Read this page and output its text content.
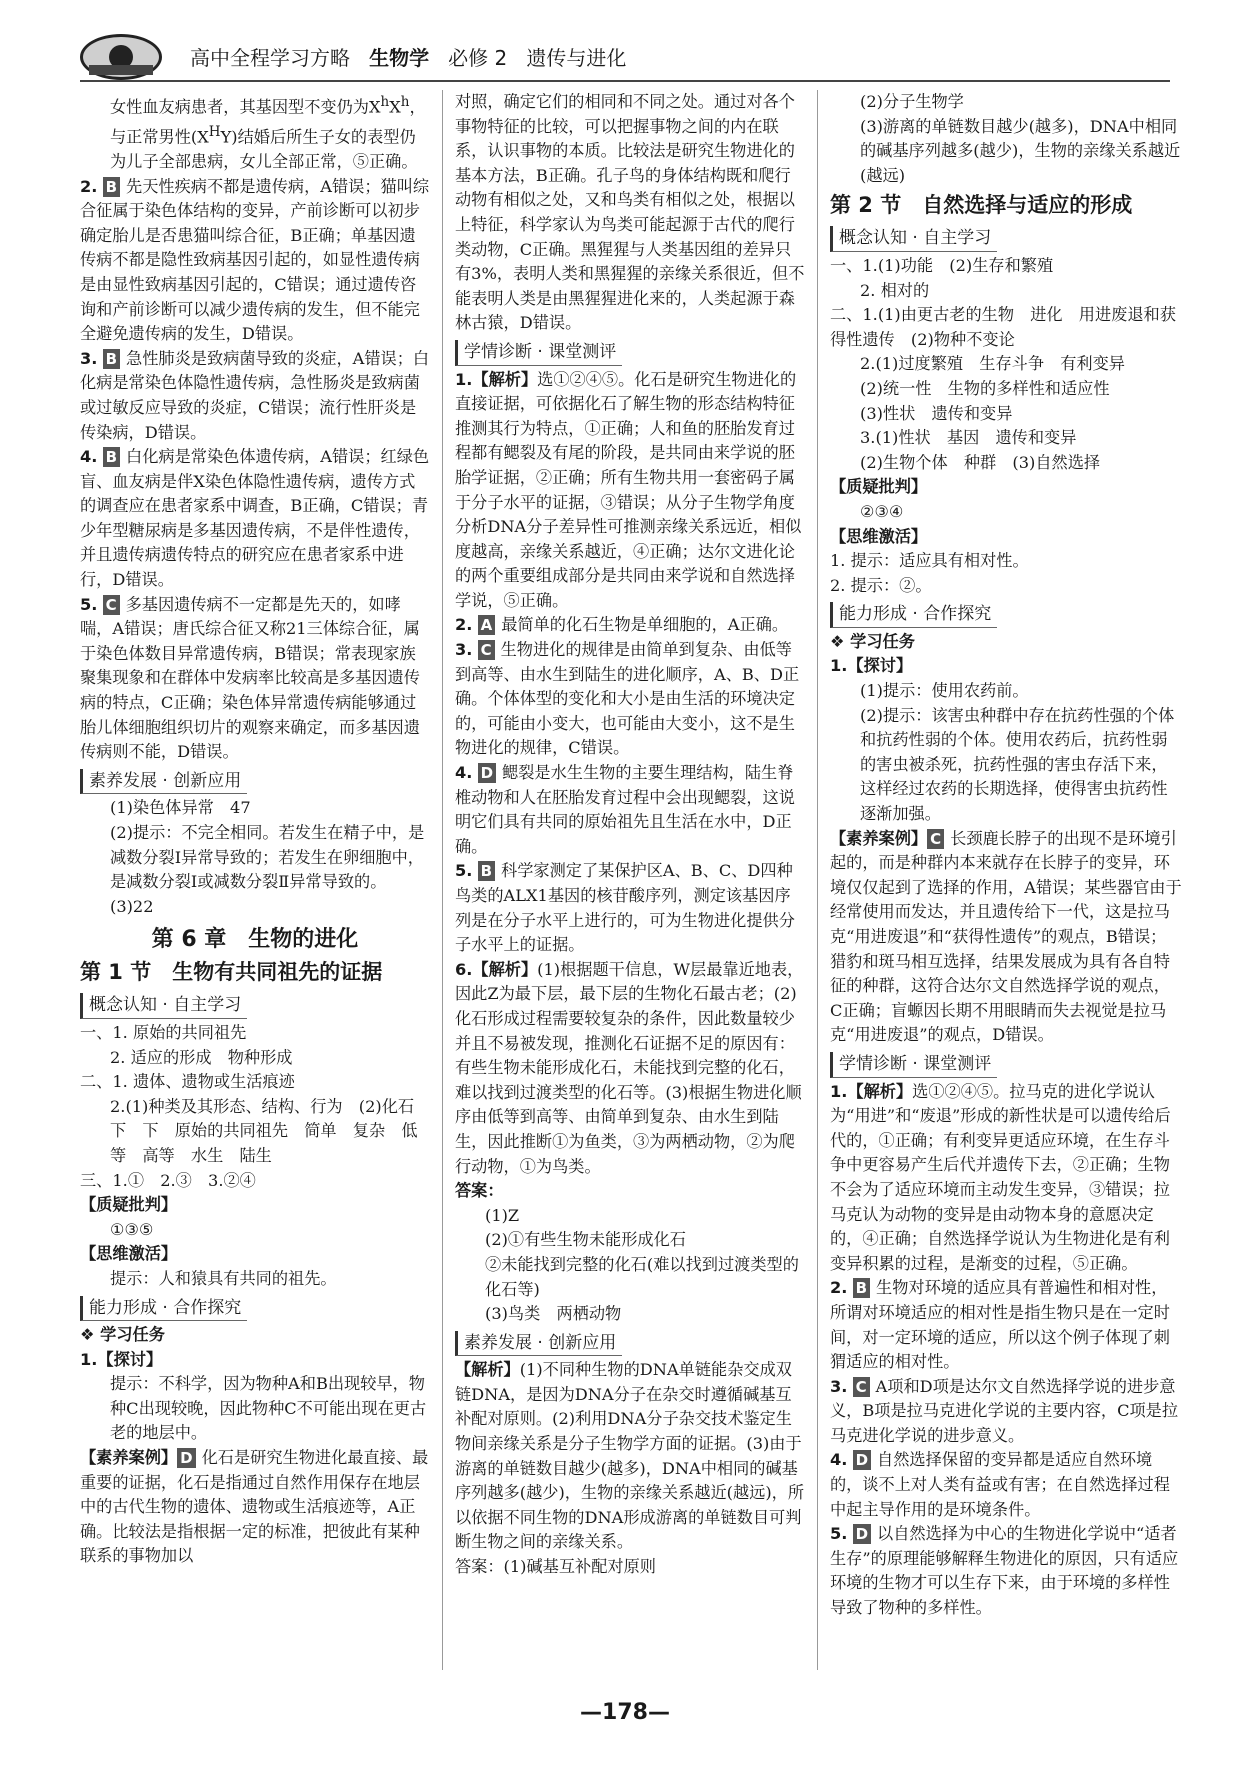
高中全程学习方略 生物学 必修 2 遗传与进化

女性血友病患者，其基因型不变仍为$X^hX^h$，与正常男性$(X^HY)$结婚后所生子女的表型仍为儿子全部患病，女儿全部正常，⑤正确。

2. B 先天性疾病不都是遗传病，A错误；猫叫综合征属于染色体结构的变异，产前诊断可以初步确定胎儿是否患猫叫综合征，B正确；单基因遗传病不都是隐性致病基因引起的，如显性遗传病是由显性致病基因引起的，C错误；通过遗传咨询和产前诊断可以减少遗传病的发生，但不能完全避免遗传病的发生，D错误。

3. B 急性肺炎是致病菌导致的炎症，A错误；白化病是常染色体隐性遗传病，急性肠炎是致病菌或过敏反应导致的炎症，C错误；流行性肝炎是传染病，D错误。

4. B 白化病是常染色体遗传病，A错误；红绿色盲、血友病是伴X染色体隐性遗传病，遗传方式的调查应在患者家系中调查，B正确，C错误；青少年型糖尿病是多基因遗传病，不是伴性遗传，并且遗传病遗传特点的研究应在患者家系中进行，D错误。

5. C 多基因遗传病不一定都是先天的，如哮喘，A错误；唐氏综合征又称21三体综合征，属于染色体数目异常遗传病，B错误；常表现家族聚集现象和在群体中发病率比较高是多基因遗传病的特点，C正确；染色体异常遗传病能够通过胎儿体细胞组织切片的观察来确定，而多基因遗传病则不能，D错误。

素养发展 · 创新应用

(1)染色体异常　47

(2)提示：不完全相同。若发生在精子中，是减数分裂Ⅰ异常导致的；若发生在卵细胞中，是减数分裂Ⅰ或减数分裂Ⅱ异常导致的。

(3)22

第 6 章　生物的进化
第 1 节　生物有共同祖先的证据
概念认知 · 自主学习

一、1. 原始的共同祖先

2. 适应的形成　物种形成

二、1. 遗体、遗物或生活痕迹

2.(1)种类及其形态、结构、行为　(2)化石　下　下　原始的共同祖先　简单　复杂　低等　高等　水生　陆生

三、1.①　2.③　3.②④

【质疑批判】

①③⑤

【思维激活】

提示：人和猿具有共同的祖先。

能力形成 · 合作探究

❖ 学习任务

1.【探讨】

提示：不科学，因为物种A和B出现较早，物种C出现较晚，因此物种C不可能出现在更古老的地层中。

【素养案例】 D 化石是研究生物进化最直接、最重要的证据，化石是指通过自然作用保存在地层中的古代生物的遗体、遗物或生活痕迹等，A正确。比较法是指根据一定的标准，把彼此有某种联系的事物加以

对照，确定它们的相同和不同之处。通过对各个事物特征的比较，可以把握事物之间的内在联系，认识事物的本质。比较法是研究生物进化的基本方法，B正确。孔子鸟的身体结构既和爬行动物有相似之处，又和鸟类有相似之处，根据以上特征，科学家认为鸟类可能起源于古代的爬行类动物，C正确。黑猩猩与人类基因组的差异只有3%，表明人类和黑猩猩的亲缘关系很近，但不能表明人类是由黑猩猩进化来的，人类起源于森林古猿，D错误。

学情诊断 · 课堂测评

1.【解析】选①②④⑤。化石是研究生物进化的直接证据，可依据化石了解生物的形态结构特征推测其行为特点，①正确；人和鱼的胚胎发育过程都有鳃裂及有尾的阶段，是共同由来学说的胚胎学证据，②正确；所有生物共用一套密码子属于分子水平的证据，③错误；从分子生物学角度分析DNA分子差异性可推测亲缘关系远近，相似度越高，亲缘关系越近，④正确；达尔文进化论的两个重要组成部分是共同由来学说和自然选择学说，⑤正确。

2. A 最简单的化石生物是单细胞的，A正确。

3. C 生物进化的规律是由简单到复杂、由低等到高等、由水生到陆生的进化顺序，A、B、D正确。个体体型的变化和大小是由生活的环境决定的，可能由小变大，也可能由大变小，这不是生物进化的规律，C错误。

4. D 鳃裂是水生生物的主要生理结构，陆生脊椎动物和人在胚胎发育过程中会出现鳃裂，这说明它们具有共同的原始祖先且生活在水中，D正确。

5. B 科学家测定了某保护区A、B、C、D四种鸟类的ALX1基因的核苷酸序列，测定该基因序列是在分子水平上进行的，可为生物进化提供分子水平上的证据。

6.【解析】(1)根据题干信息，W层最靠近地表，因此Z为最下层，最下层的生物化石最古老；(2)化石形成过程需要较复杂的条件，因此数量较少并且不易被发现，推测化石证据不足的原因有：有些生物未能形成化石，未能找到完整的化石，难以找到过渡类型的化石等。(3)根据生物进化顺序由低等到高等、由简单到复杂、由水生到陆生，因此推断①为鱼类，③为两栖动物，②为爬行动物，①为鸟类。

答案：

(1)Z

(2)①有些生物未能形成化石

②未能找到完整的化石(难以找到过渡类型的化石等)

(3)鸟类　两栖动物

素养发展 · 创新应用

【解析】(1)不同种生物的DNA单链能杂交成双链DNA，是因为DNA分子在杂交时遵循碱基互补配对原则。(2)利用DNA分子杂交技术鉴定生物间亲缘关系是分子生物学方面的证据。(3)由于游离的单链数目越少(越多)，DNA中相同的碱基序列越多(越少)，生物的亲缘关系越近(越远)，所以依据不同生物的DNA形成游离的单链数目可判断生物之间的亲缘关系。

答案：(1)碱基互补配对原则

(2)分子生物学

(3)游离的单链数目越少(越多)，DNA中相同的碱基序列越多(越少)，生物的亲缘关系越近(越远)

第 2 节　自然选择与适应的形成
概念认知 · 自主学习

一、1.(1)功能　(2)生存和繁殖

2. 相对的

二、1.(1)由更古老的生物　进化　用进废退和获得性遗传　(2)物种不变论

2.(1)过度繁殖　生存斗争　有利变异

(2)统一性　生物的多样性和适应性

(3)性状　遗传和变异

3.(1)性状　基因　遗传和变异

(2)生物个体　种群　(3)自然选择

【质疑批判】

②③④

【思维激活】

1. 提示：适应具有相对性。

2. 提示：②。

能力形成 · 合作探究

❖ 学习任务

1.【探讨】

(1)提示：使用农药前。

(2)提示：该害虫种群中存在抗药性强的个体和抗药性弱的个体。使用农药后，抗药性弱的害虫被杀死，抗药性强的害虫存活下来，这样经过农药的长期选择，使得害虫抗药性逐渐加强。

【素养案例】 C 长颈鹿长脖子的出现不是环境引起的，而是种群内本来就存在长脖子的变异，环境仅仅起到了选择的作用，A错误；某些器官由于经常使用而发达，并且遗传给下一代，这是拉马克“用进废退”和“获得性遗传”的观点，B错误；猎豹和斑马相互选择，结果发展成为具有各自特征的种群，这符合达尔文自然选择学说的观点，C正确；盲螈因长期不用眼睛而失去视觉是拉马克“用进废退”的观点，D错误。

学情诊断 · 课堂测评

1.【解析】选①②④⑤。拉马克的进化学说认为“用进”和“废退”形成的新性状是可以遗传给后代的，①正确；有利变异更适应环境，在生存斗争中更容易产生后代并遗传下去，②正确；生物不会为了适应环境而主动发生变异，③错误；拉马克认为动物的变异是由动物本身的意愿决定的，④正确；自然选择学说认为生物进化是有利变异积累的过程，是渐变的过程，⑤正确。

2. B 生物对环境的适应具有普遍性和相对性，所谓对环境适应的相对性是指生物只是在一定时间，对一定环境的适应，所以这个例子体现了刺猬适应的相对性。

3. C A项和D项是达尔文自然选择学说的进步意义，B项是拉马克进化学说的主要内容，C项是拉马克进化学说的进步意义。

4. D 自然选择保留的变异都是适应自然环境的，谈不上对人类有益或有害；在自然选择过程中起主导作用的是环境条件。

5. D 以自然选择为中心的生物进化学说中“适者生存”的原理能够解释生物进化的原因，只有适应环境的生物才可以生存下来，由于环境的多样性导致了物种的多样性。

—178—
